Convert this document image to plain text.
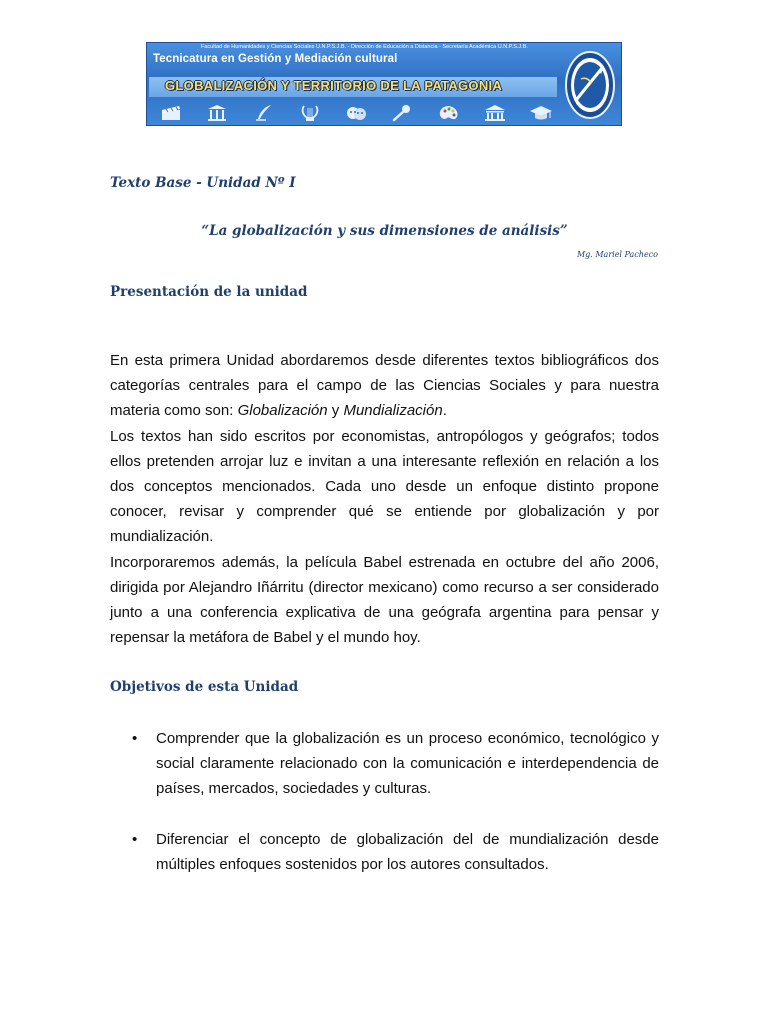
Facultad de Humanidades y Ciencias Sociales U.N.P.S.J.B. - Dirección de Educación a Distancia - Secretaría Académica U.N.P.S.J.B.
Tecnicatura en Gestión y Mediación cultural
GLOBALIZACIÓN Y TERRITORIO DE LA PATAGONIA
Texto Base - Unidad Nº I
“La globalización y sus dimensiones de análisis”
Mg. Mariel Pacheco
Presentación de la unidad

En esta primera Unidad abordaremos desde diferentes textos bibliográficos dos categorías centrales para el campo de las Ciencias Sociales y para nuestra materia como son: Globalización y Mundialización.

Los textos han sido escritos por economistas, antropólogos y geógrafos; todos ellos pretenden arrojar luz e invitan a una interesante reflexión en relación a los dos conceptos mencionados. Cada uno desde un enfoque distinto propone conocer, revisar y comprender qué se entiende por globalización y por mundialización.

Incorporaremos además, la película Babel estrenada en octubre del año 2006, dirigida por Alejandro Iñárritu (director mexicano) como recurso a ser considerado junto a una conferencia explicativa de una geógrafa argentina para pensar y repensar la metáfora de Babel y el mundo hoy.

Objetivos de esta Unidad
• Comprender que la globalización es un proceso económico, tecnológico y social claramente relacionado con la comunicación e interdependencia de países, mercados, sociedades y culturas.
• Diferenciar el concepto de globalización del de mundialización desde múltiples enfoques sostenidos por los autores consultados.
